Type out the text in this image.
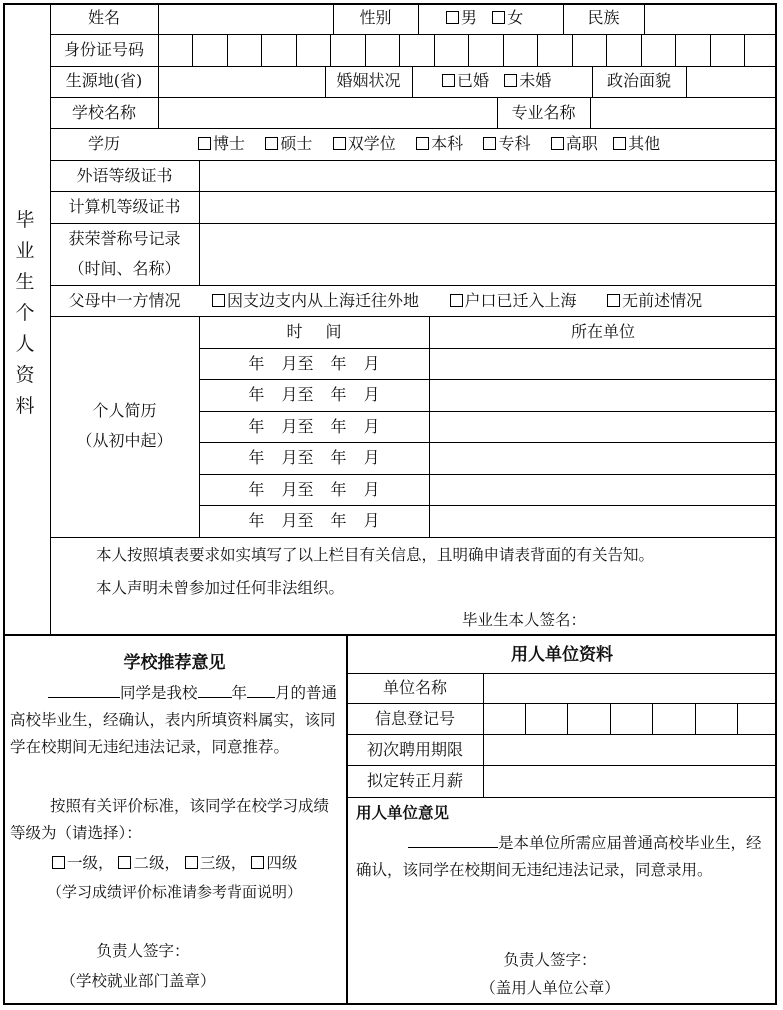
毕
业
生
个
人
资
料
姓名	性别	男 女	民族
身份证号码
生源地(省)	婚姻状况	已婚 未婚	政治面貌
学校名称	专业名称
学历	博士 硕士 双学位 本科 专科 高职 其他
外语等级证书
计算机等级证书
获荣誉称号记录
（时间、名称）
父母中一方情况	因支边支内从上海迁往外地	户口已迁入上海	无前述情况
个人简历
（从初中起）
时 间	所在单位
年 月至 年 月
年 月至 年 月
年 月至 年 月
年 月至 年 月
年 月至 年 月
年 月至 年 月
本人按照填表要求如实填写了以上栏目有关信息，且明确申请表背面的有关告知。
本人声明未曾参加过任何非法组织。
毕业生本人签名：
学校推荐意见
同学是我校 年 月的普通高校毕业生，经确认，表内所填资料属实，该同学在校期间无违纪违法记录，同意推荐。
按照有关评价标准，该同学在校学习成绩等级为（请选择）：
一级， 二级， 三级， 四级
（学习成绩评价标准请参考背面说明）
负责人签字：
（学校就业部门盖章）
用人单位资料
单位名称
信息登记号
初次聘用期限
拟定转正月薪
用人单位意见
是本单位所需应届普通高校毕业生，经确认，该同学在校期间无违纪违法记录，同意录用。
负责人签字：
（盖用人单位公章）
